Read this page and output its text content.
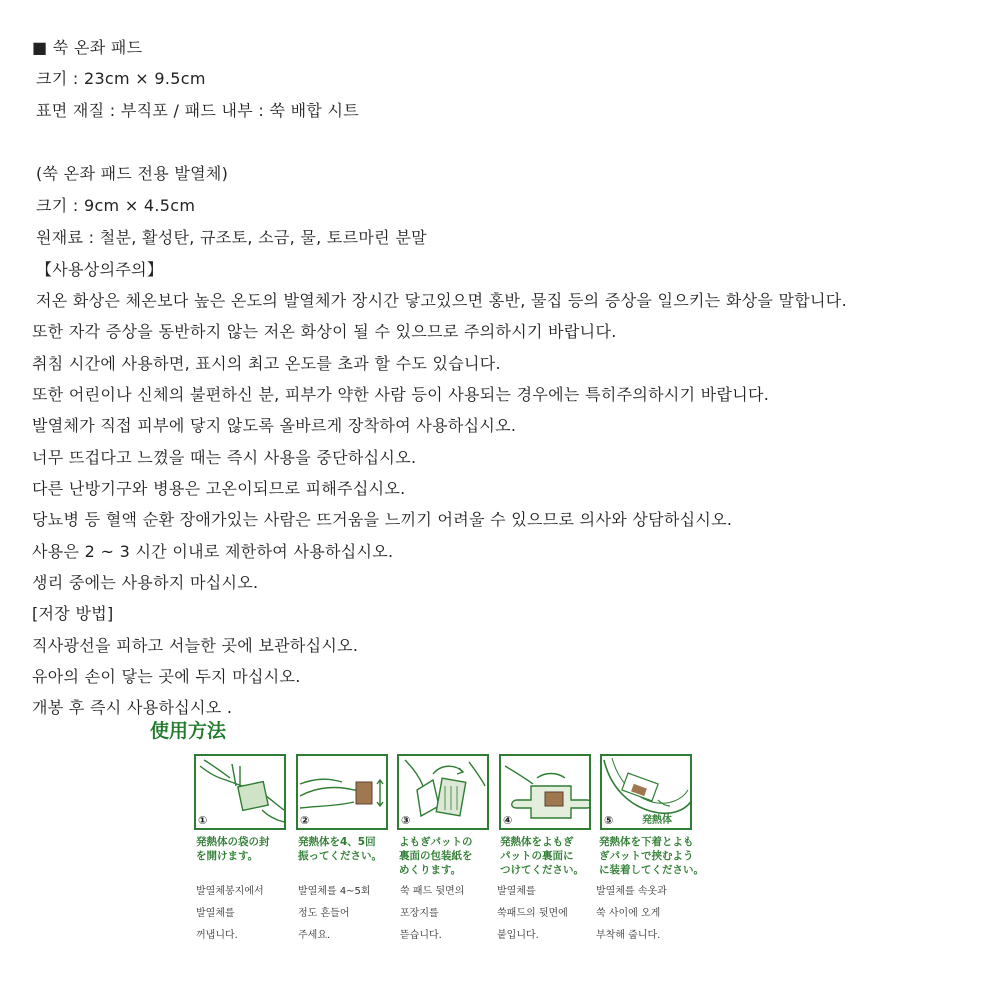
■ 쑥 온좌 패드
크기 : 23cm × 9.5cm
표면 재질 : 부직포 / 패드 내부 : 쑥 배합 시트
(쑥 온좌 패드 전용 발열체)
크기 : 9cm × 4.5cm
원재료 : 철분, 활성탄, 규조토, 소금, 물, 토르마린 분말
【사용상의주의】
저온 화상은 체온보다 높은 온도의 발열체가 장시간 닿고있으면 홍반, 물집 등의 증상을 일으키는 화상을 말합니다.
또한 자각 증상을 동반하지 않는 저온 화상이 될 수 있으므로 주의하시기 바랍니다.
취침 시간에 사용하면, 표시의 최고 온도를 초과 할 수도 있습니다.
또한 어린이나 신체의 불편하신 분, 피부가 약한 사람 등이 사용되는 경우에는 특히주의하시기 바랍니다.
발열체가 직접 피부에 닿지 않도록 올바르게 장착하여 사용하십시오.
너무 뜨겁다고 느꼈을 때는 즉시 사용을 중단하십시오.
다른 난방기구와 병용은 고온이되므로 피해주십시오.
당뇨병 등 혈액 순환 장애가있는 사람은 뜨거움을 느끼기 어려울 수 있으므로 의사와 상담하십시오.
사용은 2 ~ 3 시간 이내로 제한하여 사용하십시오.
생리 중에는 사용하지 마십시오.
[저장 방법]
직사광선을 피하고 서늘한 곳에 보관하십시오.
유아의 손이 닿는 곳에 두지 마십시오.
개봉 후 즉시 사용하십시오 .
使用方法
①	②	③	④	⑤	発熱体
発熱体の袋の封
を開けます。
発熱体を4、5回
振ってください。
よもぎパットの
裏面の包装紙を
めくります。
発熱体をよもぎ
パットの裏面に
つけてください。
発熱体を下着とよも
ぎパットで挟むよう
に装着してください。
발열체봉지에서
발열체를
꺼냅니다.
발열체를 4~5회
정도 흔들어
주세요.
쑥 패드 뒷면의
포장지를
뜯습니다.
발열체를
쑥패드의 뒷면에
붙입니다.
발열체를 속옷과
쑥 사이에 오게
부착해 줍니다.
